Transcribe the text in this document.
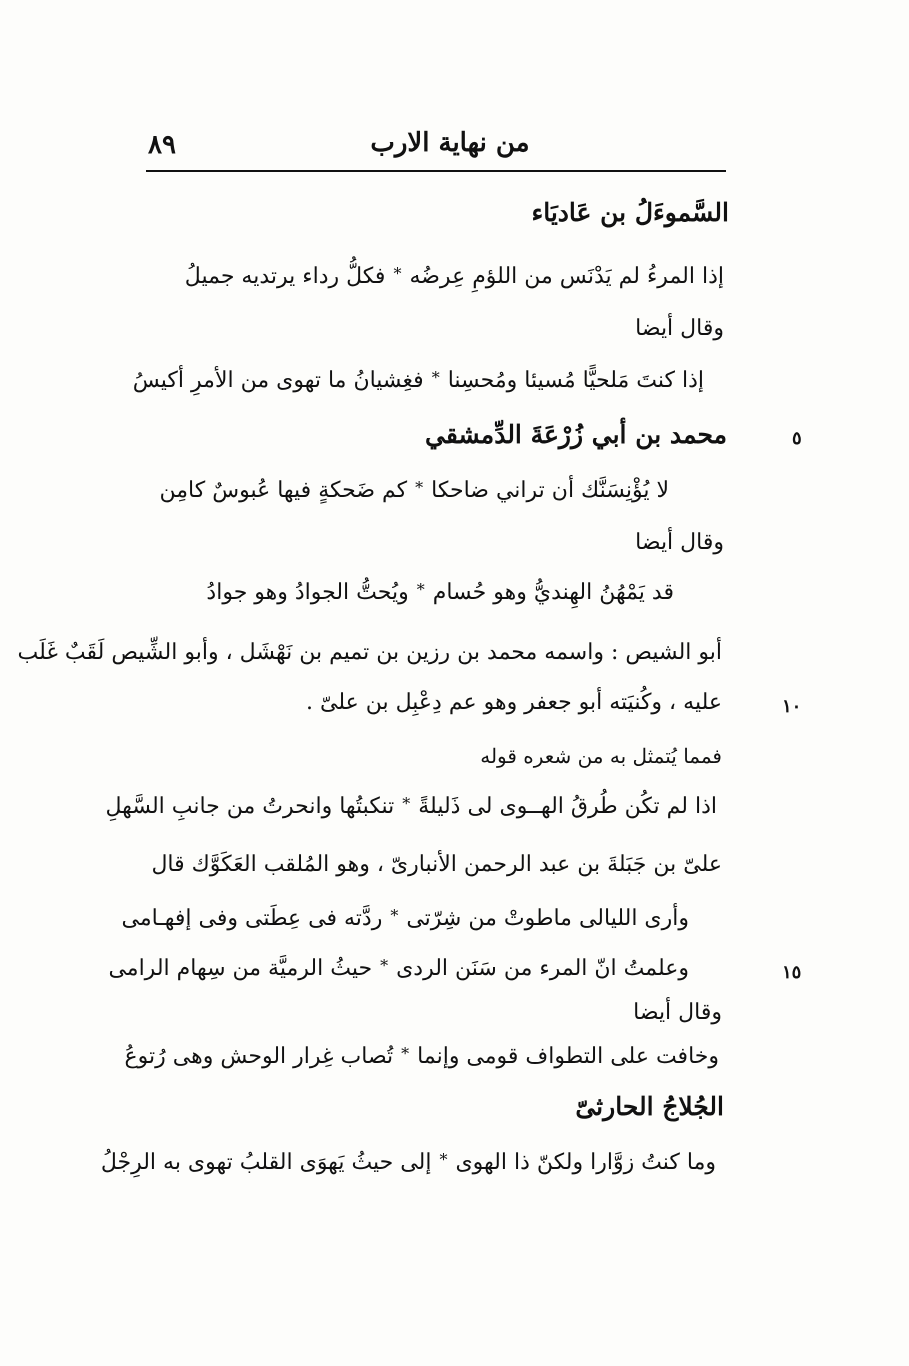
من نهاية الارب
٨٩
السَّموءَلُ بن عَاديَاء
إذا المرءُ لم يَدْنَس من اللؤمِ عِرضُه
*
فكلُّ رداء يرتديه جميلُ
وقال أيضا
إذا كنتَ مَلحيًّا مُسيئا ومُحسِنا
*
فغِشيانُ ما تهوى من الأمرِ أكيسُ
محمد بن أبي زُرْعَةَ الدِّمشقي	٥
لا يُؤْنِسَنَّك أن تراني ضاحكا
*
كم ضَحكةٍ فيها عُبوسٌ كامِن
وقال أيضا
قد يَمْهُنُ الهِنديُّ وهو حُسام
*
ويُحتُّ الجوادُ وهو جوادُ
أبو الشيص : واسمه محمد بن رزين بن تميم بن نَهْشَل ، وأبو الشِّيص لَقَبٌ غَلَب
عليه ، وكُنيَته أبو جعفر وهو عم دِعْبِل بن علىّ .	١٠
فمما يُتمثل به من شعره قوله
اذا لم تكُن طُرقُ الهــوى لى ذَليلةً
*
تنكبتُها وانحرتُ من جانبِ السَّهلِ
علىّ بن جَبَلةَ بن عبد الرحمن الأنبارىّ ، وهو المُلقب العَكَوَّك قال
وأرى الليالى ماطوتْ من شِرّتى
*
ردَّته فى عِطَتى وفى إفهـامى
وعلمتُ انّ المرء من سَنَن الردى
*
حيثُ الرميَّة من سِهام الرامى	١٥
وقال أيضا
وخافت على التطواف قومى وإنما
*
تُصاب غِرار الوحش وهى رُتوعُ
الجُلاجُ الحارثىّ
وما كنتُ زوَّارا ولكنّ ذا الهوى
*
إلى حيثُ يَهوَى القلبُ تهوى به الرِجْلُ
